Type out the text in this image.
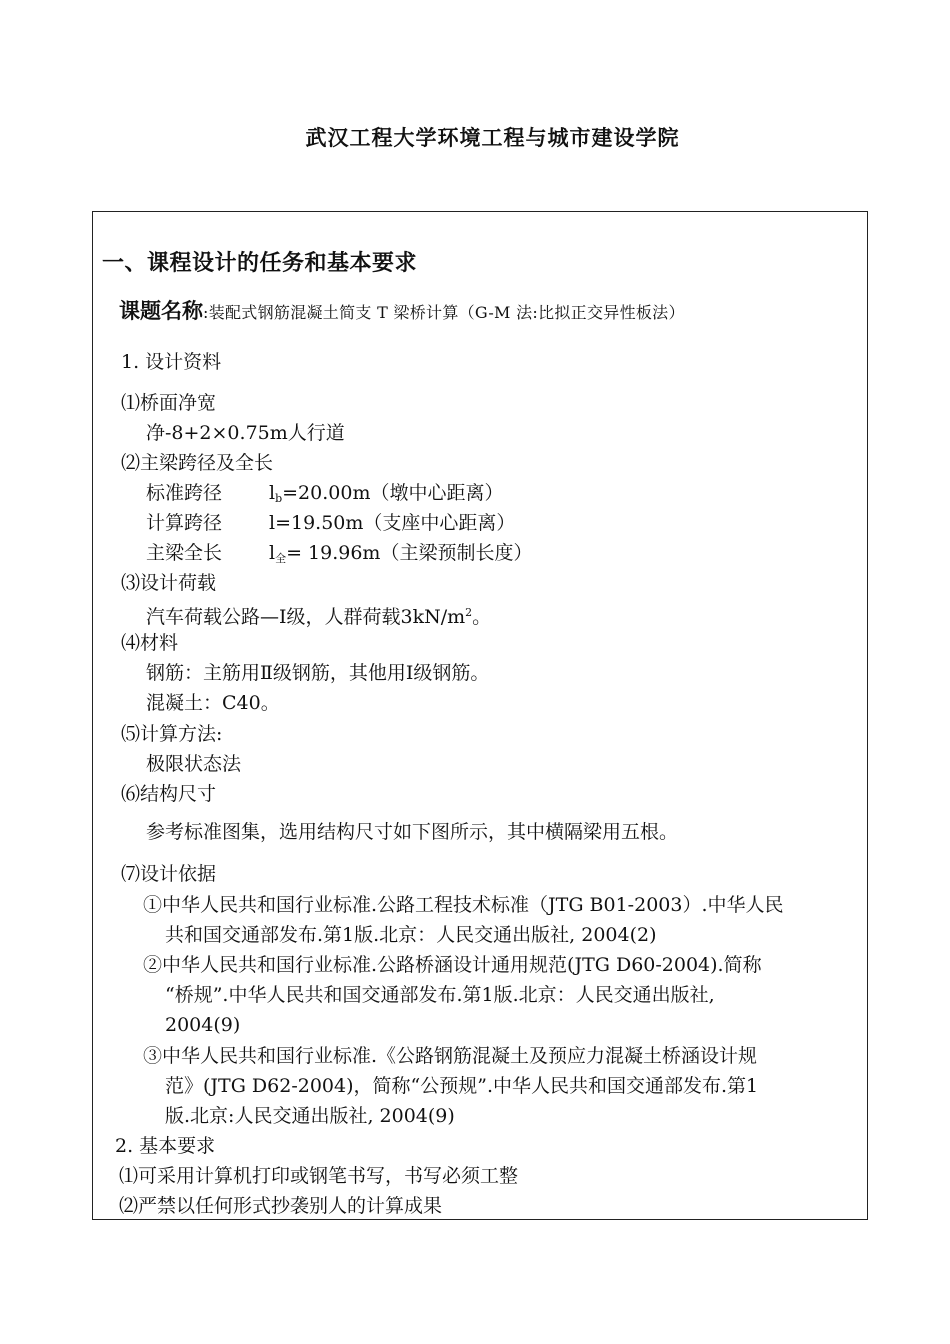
武汉工程大学环境工程与城市建设学院
一、课程设计的任务和基本要求
课题名称:装配式钢筋混凝土简支 T 梁桥计算（G-M 法:比拟正交异性板法）
1. 设计资料
⑴桥面净宽
净-8+2×0.75m人行道
⑵主梁跨径及全长
标准跨径 $l_b=20.00m$（墩中心距离）
计算跨径 l=19.50m（支座中心距离）
主梁全长 $l_全= 19.96m$（主梁预制长度）
⑶设计荷载
汽车荷载公路—Ⅰ级，人群荷载$3kN/m^2$。
⑷材料
钢筋：主筋用Ⅱ级钢筋，其他用Ⅰ级钢筋。
混凝土：C40。
⑸计算方法:
极限状态法
⑹结构尺寸
参考标准图集，选用结构尺寸如下图所示，其中横隔梁用五根。
⑺设计依据
①中华人民共和国行业标准.公路工程技术标准（JTG B01-2003）.中华人民
共和国交通部发布.第1版.北京：人民交通出版社, 2004(2)
②中华人民共和国行业标准.公路桥涵设计通用规范(JTG D60-2004).简称
“桥规”.中华人民共和国交通部发布.第1版.北京：人民交通出版社,
2004(9)
③中华人民共和国行业标准.《公路钢筋混凝土及预应力混凝土桥涵设计规
范》(JTG D62-2004)，简称“公预规”.中华人民共和国交通部发布.第1
版.北京:人民交通出版社, 2004(9)
2. 基本要求
⑴可采用计算机打印或钢笔书写，书写必须工整
⑵严禁以任何形式抄袭别人的计算成果
